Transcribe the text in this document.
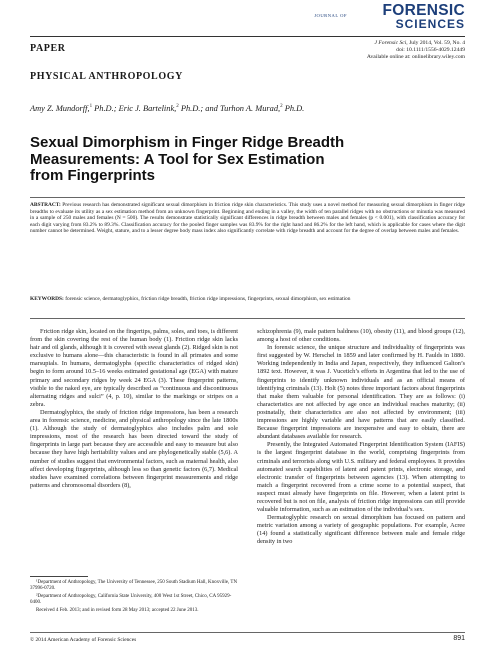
JOURNAL OF	FORENSIC
SCIENCES
PAPER
PHYSICAL ANTHROPOLOGY
J Forensic Sci, July 2014, Vol. 59, No. 4
doi: 10.1111/1556-4029.12449
Available online at: onlinelibrary.wiley.com
Amy Z. Mundorff,$^1$ Ph.D.; Eric J. Bartelink,$^2$ Ph.D.; and Turhon A. Murad,$^2$ Ph.D.
Sexual Dimorphism in Finger Ridge Breadth Measurements: A Tool for Sex Estimation from Fingerprints
ABSTRACT: Previous research has demonstrated significant sexual dimorphism in friction ridge skin characteristics. This study uses a novel method for measuring sexual dimorphism in finger ridge breadths to evaluate its utility as a sex estimation method from an unknown fingerprint. Beginning and ending in a valley, the width of ten parallel ridges with no obstructions or minutia was measured in a sample of 250 males and females (N = 500). The results demonstrate statistically significant differences in ridge breadth between males and females (p < 0.001), with classification accuracy for each digit varying from 83.2% to 89.3%. Classification accuracy for the pooled finger samples was 83.9% for the right hand and 86.2% for the left hand, which is applicable for cases where the digit number cannot be determined. Weight, stature, and to a lesser degree body mass index also significantly correlate with ridge breadth and account for the degree of overlap between males and females.
KEYWORDS: forensic science, dermatoglyphics, friction ridge breadth, friction ridge impressions, fingerprints, sexual dimorphism, sex estimation

Friction ridge skin, located on the fingertips, palms, soles, and toes, is different from the skin covering the rest of the human body (1). Friction ridge skin lacks hair and oil glands, although it is covered with sweat glands (2). Ridged skin is not exclusive to humans alone—this characteristic is found in all primates and some marsupials. In humans, dermatoglyphs (specific characteristics of ridged skin) begin to form around 10.5–16 weeks estimated gestational age (EGA) with mature primary and secondary ridges by week 24 EGA (3). These fingerprint patterns, visible to the naked eye, are typically described as “continuous and discontinuous alternating ridges and sulci” (4, p. 10), similar to the markings or stripes on a zebra.

Dermatoglyphics, the study of friction ridge impressions, has been a research area in forensic science, medicine, and physical anthropology since the late 1800s (1). Although the study of dermatoglyphics also includes palm and sole impressions, most of the research has been directed toward the study of fingerprints in large part because they are accessible and easy to measure but also because they have high heritability values and are phylogenetically stable (5,6). A number of studies suggest that environmental factors, such as maternal health, also affect developing fingerprints, although less so than genetic factors (6,7). Medical studies have examined correlations between fingerprint measurements and ridge patterns and chromosomal disorders (8),

schizophrenia (9), male pattern baldness (10), obesity (11), and blood groups (12), among a host of other conditions.

In forensic science, the unique structure and individuality of fingerprints was first suggested by W. Herschel in 1859 and later confirmed by H. Faulds in 1880. Working independently in India and Japan, respectively, they influenced Galton’s 1892 text. However, it was J. Vucetich’s efforts in Argentina that led to the use of fingerprints to identify unknown individuals and as an official means of identifying criminals (13). Holt (5) notes three important factors about fingerprints that make them valuable for personal identification. They are as follows: (i) characteristics are not affected by age once an individual reaches maturity; (ii) postnatally, their characteristics are also not affected by environment; (iii) impressions are highly variable and have patterns that are easily classified. Because fingerprint impressions are inexpensive and easy to obtain, there are abundant databases available for research.

Presently, the Integrated Automated Fingerprint Identification System (IAFIS) is the largest fingerprint database in the world, comprising fingerprints from criminals and terrorists along with U.S. military and federal employees. It provides automated search capabilities of latent and patent prints, electronic storage, and electronic transfer of fingerprints between agencies (13). When attempting to match a fingerprint recovered from a crime scene to a potential suspect, that suspect must already have fingerprints on file. However, when a latent print is recovered but is not on file, analysis of friction ridge impressions can still provide valuable information, such as an estimation of the individual’s sex.

Dermatoglyphic research on sexual dimorphism has focused on pattern and metric variation among a variety of geographic populations. For example, Acree (14) found a statistically significant difference between male and female ridge density in two

¹Department of Anthropology, The University of Tennessee, 250 South Stadium Hall, Knoxville, TN 37996-0720.

²Department of Anthropology, California State University, 400 West 1st Street, Chico, CA 95929-0400.

Received 4 Feb. 2013; and in revised form 28 May 2013; accepted 22 June 2013.

© 2014 American Academy of Forensic Sciences	891
